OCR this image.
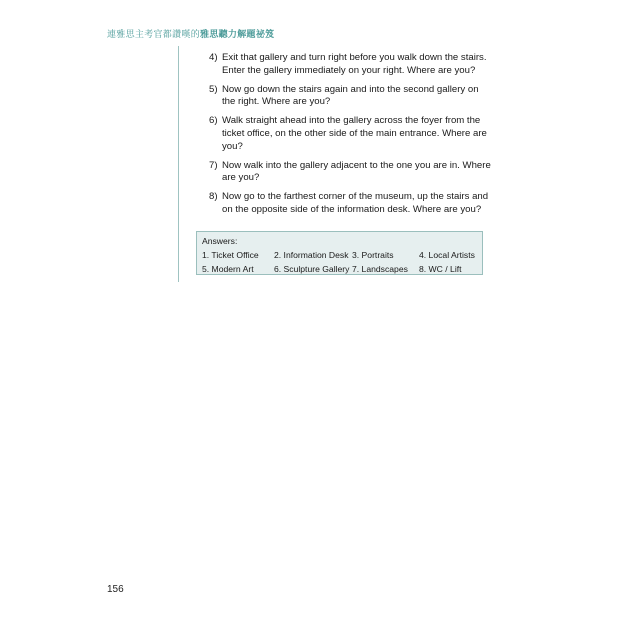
連雅思主考官都讚嘆的雅思聽力解題祕笈
4) Exit that gallery and turn right before you walk down the stairs. Enter the gallery immediately on your right. Where are you?
5) Now go down the stairs again and into the second gallery on the right. Where are you?
6) Walk straight ahead into the gallery across the foyer from the ticket office, on the other side of the main entrance. Where are you?
7) Now walk into the gallery adjacent to the one you are in. Where are you?
8) Now go to the farthest corner of the museum, up the stairs and on the opposite side of the information desk. Where are you?
Answers:
1. Ticket Office 2. Information Desk 3. Portraits	4. Local Artists
5. Modern Art 6. Sculpture Gallery 7. Landscapes 8. WC / Lift
156
